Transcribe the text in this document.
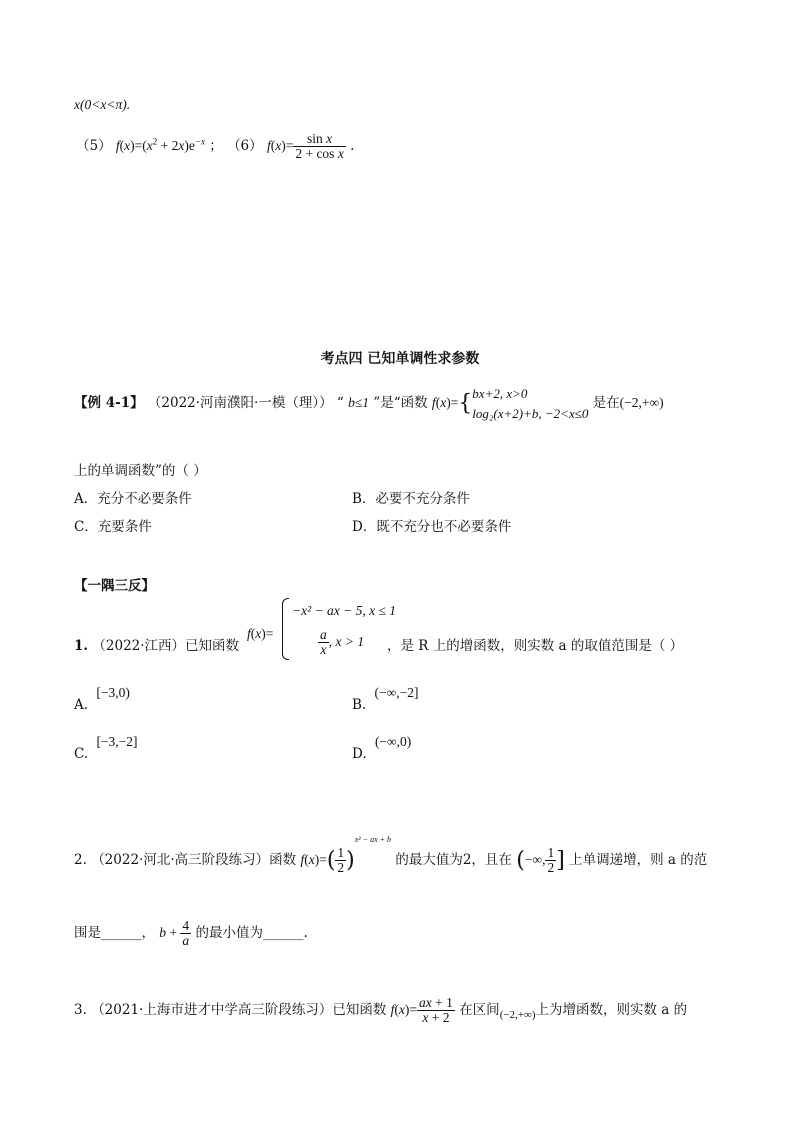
x(0<x<π).
（5） $f(x)=(x^2 + 2x)e^{-x}$ ； （6） $f(x)= \frac{\text{sin x}}{\text{2 + cos x}}$ .
考点四 已知单调性求参数
【例 4-1】 （2022·河南濮阳·一模（理）） “ b≤1 ”是“函数 f(x)={ bx+2, x>0
log₂(x+2)+b, −2<x≤0
是在(−2,+∞)
上的单调函数”的（ ）
A．充分不必要条件	B．必要不充分条件
C．充要条件	D．既不充分也不必要条件
【一隅三反】
1. （2022·江西）已知函数
f(x)=
−x² − ax − 5, x ≤ 1
$\frac{a}{x}$ , x > 1 ，是 R 上的增函数，则实数 a 的取值范围是（ ）
A. [−3,0)
B. (−∞,−2]
C. [−3,−2]
D. (−∞,0)
2. （2022·河北·高三阶段练习）函数 $f(x)=( \frac{1}{2} )^{x^2 - ax + b}$ 的最大值为2，且在 (−∞, $\frac{1}{2}$ ] 上单调递增，则 a 的范
围是______， $b + \frac{4}{a}$ 的最小值为______.
3. （2021·上海市进才中学高三阶段练习）已知函数 $f(x)= \frac{ax + 1}{x + 2}$ 在区间$_{(-2,+\infty)}$上为增函数，则实数 a 的
